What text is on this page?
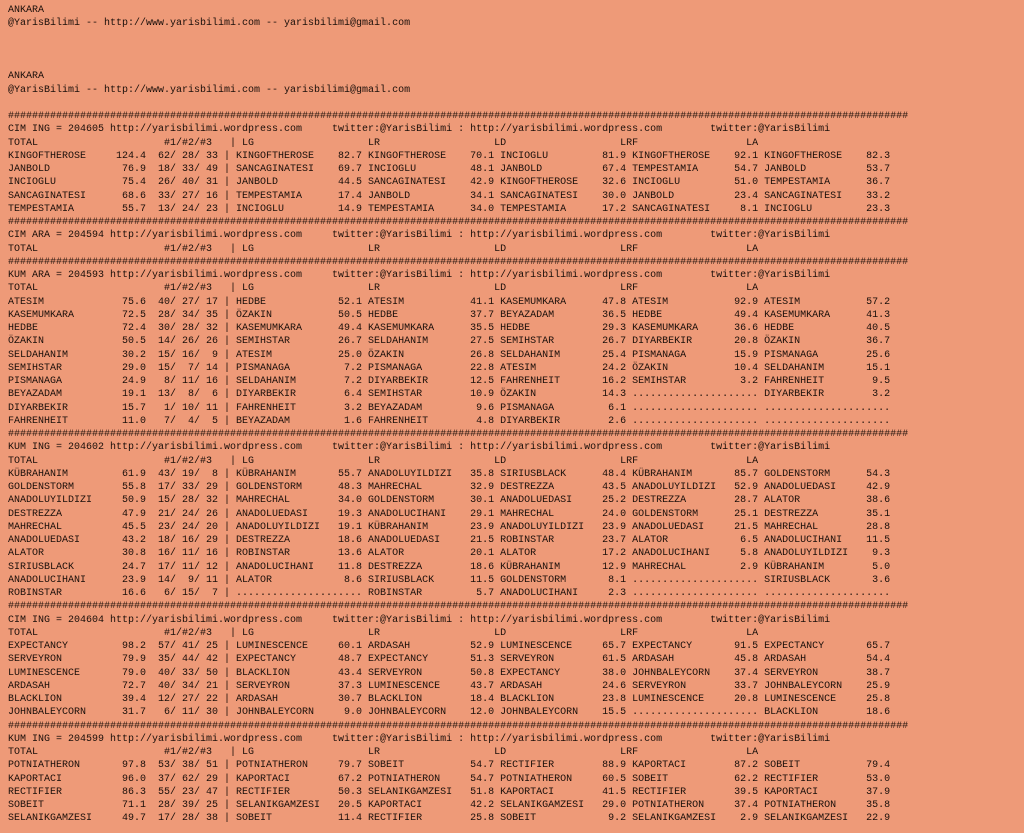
ANKARA
@YarisBilimi -- http://www.yarisbilimi.com -- yarisbilimi@gmail.com
ANKARA
@YarisBilimi -- http://www.yarisbilimi.com -- yarisbilimi@gmail.com
######################################################################################################################################################
CIM ING = 204605 http://yarisbilimi.wordpress.com     twitter:@YarisBilimi : http://yarisbilimi.wordpress.com        twitter:@YarisBilimi
TOTAL                     #1/#2/#3   | LG                   LR                   LD                   LRF                  LA
KINGOFTHEROSE     124.4  62/ 28/ 33 | KINGOFTHEROSE    82.7 KINGOFTHEROSE    70.1 INCIOGLU         81.9 KINGOFTHEROSE    92.1 KINGOFTHEROSE    82.3
JANBOLD            76.9  18/ 33/ 49 | SANCAGINATESI    69.7 INCIOGLU         48.1 JANBOLD          67.4 TEMPESTAMIA      54.7 JANBOLD          53.7
INCIOGLU           75.4  26/ 40/ 31 | JANBOLD          44.5 SANCAGINATESI    42.9 KINGOFTHEROSE    32.6 INCIOGLU         51.0 TEMPESTAMIA      36.7
SANCAGINATESI      68.6  33/ 27/ 16 | TEMPESTAMIA      17.4 JANBOLD          34.1 SANCAGINATESI    30.0 JANBOLD          23.4 SANCAGINATESI    33.2
TEMPESTAMIA        55.7  13/ 24/ 23 | INCIOGLU         14.9 TEMPESTAMIA      34.0 TEMPESTAMIA      17.2 SANCAGINATESI     8.1 INCIOGLU         23.3
######################################################################################################################################################
CIM ARA = 204594 http://yarisbilimi.wordpress.com     twitter:@YarisBilimi : http://yarisbilimi.wordpress.com        twitter:@YarisBilimi
TOTAL                     #1/#2/#3   | LG                   LR                   LD                   LRF                  LA
######################################################################################################################################################
KUM ARA = 204593 http://yarisbilimi.wordpress.com     twitter:@YarisBilimi : http://yarisbilimi.wordpress.com        twitter:@YarisBilimi
TOTAL                     #1/#2/#3   | LG                   LR                   LD                   LRF                  LA
ATESIM             75.6  40/ 27/ 17 | HEDBE            52.1 ATESIM           41.1 KASEMUMKARA      47.8 ATESIM           92.9 ATESIM           57.2
KASEMUMKARA        72.5  28/ 34/ 35 | ÖZAKIN           50.5 HEDBE            37.7 BEYAZADAM        36.5 HEDBE            49.4 KASEMUMKARA      41.3
HEDBE              72.4  30/ 28/ 32 | KASEMUMKARA      49.4 KASEMUMKARA      35.5 HEDBE            29.3 KASEMUMKARA      36.6 HEDBE            40.5
ÖZAKIN             50.5  14/ 26/ 26 | SEMIHSTAR        26.7 SELDAHANIM       27.5 SEMIHSTAR        26.7 DIYARBEKIR       20.8 ÖZAKIN           36.7
SELDAHANIM         30.2  15/ 16/  9 | ATESIM           25.0 ÖZAKIN           26.8 SELDAHANIM       25.4 PISMANAGA        15.9 PISMANAGA        25.6
SEMIHSTAR          29.0  15/  7/ 14 | PISMANAGA         7.2 PISMANAGA        22.8 ATESIM           24.2 ÖZAKIN           10.4 SELDAHANIM       15.1
PISMANAGA          24.9   8/ 11/ 16 | SELDAHANIM        7.2 DIYARBEKIR       12.5 FAHRENHEIT       16.2 SEMIHSTAR         3.2 FAHRENHEIT        9.5
BEYAZADAM          19.1  13/  8/  6 | DIYARBEKIR        6.4 SEMIHSTAR        10.9 ÖZAKIN           14.3 ..................... DIYARBEKIR        3.2
DIYARBEKIR         15.7   1/ 10/ 11 | FAHRENHEIT        3.2 BEYAZADAM         9.6 PISMANAGA         6.1 ..................... .....................
FAHRENHEIT         11.0   7/  4/  5 | BEYAZADAM         1.6 FAHRENHEIT        4.8 DIYARBEKIR        2.6 ..................... .....................
######################################################################################################################################################
KUM ING = 204602 http://yarisbilimi.wordpress.com     twitter:@YarisBilimi : http://yarisbilimi.wordpress.com        twitter:@YarisBilimi
TOTAL                     #1/#2/#3   | LG                   LR                   LD                   LRF                  LA
KÜBRAHANIM         61.9  43/ 19/  8 | KÜBRAHANIM       55.7 ANADOLUYILDIZI   35.8 SIRIUSBLACK      48.4 KÜBRAHANIM       85.7 GOLDENSTORM      54.3
GOLDENSTORM        55.8  17/ 33/ 29 | GOLDENSTORM      48.3 MAHRECHAL        32.9 DESTREZZA        43.5 ANADOLUYILDIZI   52.9 ANADOLUEDASI     42.9
ANADOLUYILDIZI     50.9  15/ 28/ 32 | MAHRECHAL        34.0 GOLDENSTORM      30.1 ANADOLUEDASI     25.2 DESTREZZA        28.7 ALATOR           38.6
DESTREZZA          47.9  21/ 24/ 26 | ANADOLUEDASI     19.3 ANADOLUCIHANI    29.1 MAHRECHAL        24.0 GOLDENSTORM      25.1 DESTREZZA        35.1
MAHRECHAL          45.5  23/ 24/ 20 | ANADOLUYILDIZI   19.1 KÜBRAHANIM       23.9 ANADOLUYILDIZI   23.9 ANADOLUEDASI     21.5 MAHRECHAL        28.8
ANADOLUEDASI       43.2  18/ 16/ 29 | DESTREZZA        18.6 ANADOLUEDASI     21.5 ROBINSTAR        23.7 ALATOR            6.5 ANADOLUCIHANI    11.5
ALATOR             30.8  16/ 11/ 16 | ROBINSTAR        13.6 ALATOR           20.1 ALATOR           17.2 ANADOLUCIHANI     5.8 ANADOLUYILDIZI    9.3
SIRIUSBLACK        24.7  17/ 11/ 12 | ANADOLUCIHANI    11.8 DESTREZZA        18.6 KÜBRAHANIM       12.9 MAHRECHAL         2.9 KÜBRAHANIM        5.0
ANADOLUCIHANI      23.9  14/  9/ 11 | ALATOR            8.6 SIRIUSBLACK      11.5 GOLDENSTORM       8.1 ..................... SIRIUSBLACK       3.6
ROBINSTAR          16.6   6/ 15/  7 | ..................... ROBINSTAR         5.7 ANADOLUCIHANI     2.3 ..................... .....................
######################################################################################################################################################
CIM ING = 204604 http://yarisbilimi.wordpress.com     twitter:@YarisBilimi : http://yarisbilimi.wordpress.com        twitter:@YarisBilimi
TOTAL                     #1/#2/#3   | LG                   LR                   LD                   LRF                  LA
EXPECTANCY         98.2  57/ 41/ 25 | LUMINESCENCE     60.1 ARDASAH          52.9 LUMINESCENCE     65.7 EXPECTANCY       91.5 EXPECTANCY       65.7
SERVEYRON          79.9  35/ 44/ 42 | EXPECTANCY       48.7 EXPECTANCY       51.3 SERVEYRON        61.5 ARDASAH          45.8 ARDASAH          54.4
LUMINESCENCE       79.0  40/ 33/ 50 | BLACKLION        43.4 SERVEYRON        50.8 EXPECTANCY       38.0 JOHNBALEYCORN    37.4 SERVEYRON        38.7
ARDASAH            72.7  40/ 34/ 21 | SERVEYRON        37.3 LUMINESCENCE     43.7 ARDASAH          24.6 SERVEYRON        33.7 JOHNBALEYCORN    25.9
BLACKLION          39.4  12/ 27/ 22 | ARDASAH          30.7 BLACKLION        18.4 BLACKLION        23.8 LUMINESCENCE     20.8 LUMINESCENCE     25.8
JOHNBALEYCORN      31.7   6/ 11/ 30 | JOHNBALEYCORN     9.0 JOHNBALEYCORN    12.0 JOHNBALEYCORN    15.5 ..................... BLACKLION        18.6
######################################################################################################################################################
KUM ING = 204599 http://yarisbilimi.wordpress.com     twitter:@YarisBilimi : http://yarisbilimi.wordpress.com        twitter:@YarisBilimi
TOTAL                     #1/#2/#3   | LG                   LR                   LD                   LRF                  LA
POTNIATHERON       97.8  53/ 38/ 51 | POTNIATHERON     79.7 SOBEIT           54.7 RECTIFIER        88.9 KAPORTACI        87.2 SOBEIT           79.4
KAPORTACI          96.0  37/ 62/ 29 | KAPORTACI        67.2 POTNIATHERON     54.7 POTNIATHERON     60.5 SOBEIT           62.2 RECTIFIER        53.0
RECTIFIER          86.3  55/ 23/ 47 | RECTIFIER        50.3 SELANIKGAMZESI   51.8 KAPORTACI        41.5 RECTIFIER        39.5 KAPORTACI        37.9
SOBEIT             71.1  28/ 39/ 25 | SELANIKGAMZESI   20.5 KAPORTACI        42.2 SELANIKGAMZESI   29.0 POTNIATHERON     37.4 POTNIATHERON     35.8
SELANIKGAMZESI     49.7  17/ 28/ 38 | SOBEIT           11.4 RECTIFIER        25.8 SOBEIT            9.2 SELANIKGAMZESI    2.9 SELANIKGAMZESI   22.9
